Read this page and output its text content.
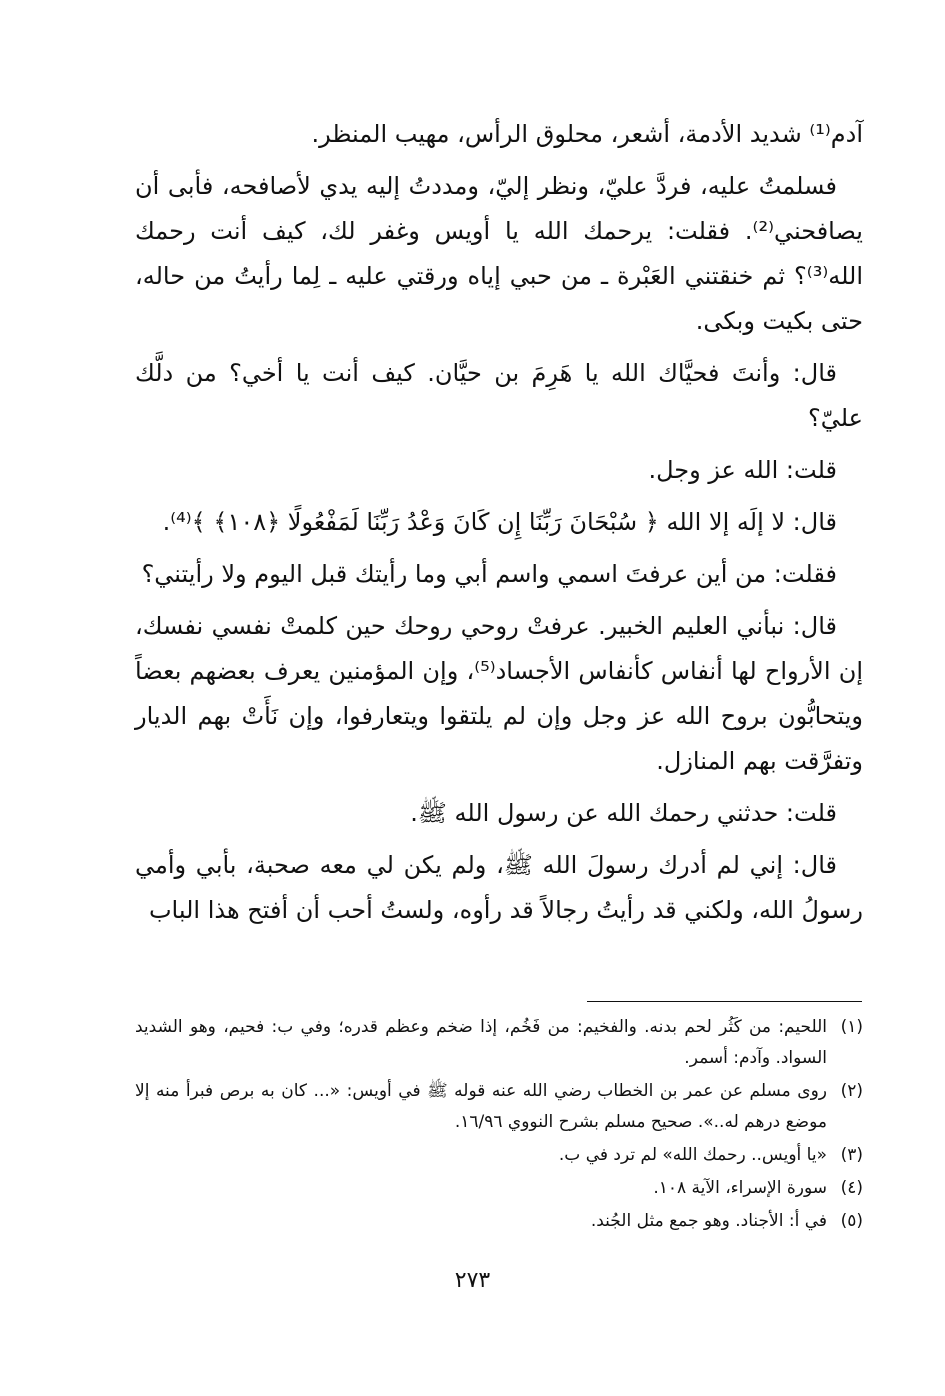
آدم⁽¹⁾ شديد الأدمة، أشعر، محلوق الرأس، مهيب المنظر.

فسلمتُ عليه، فردَّ عليّ، ونظر إليّ، ومددتُ إليه يدي لأصافحه، فأبى أن يصافحني⁽²⁾. فقلت: يرحمك الله يا أويس وغفر لك، كيف أنت رحمك الله⁽³⁾؟ ثم خنقتني العَبْرة ـ من حبي إياه ورقتي عليه ـ لِما رأيتُ من حاله، حتى بكيت وبكى.

قال: وأنتَ فحيَّاك الله يا هَرِمَ بن حيَّان. كيف أنت يا أخي؟ من دلَّك عليّ؟

قلت: الله عز وجل.

قال: لا إلَه إلا الله ﴿ سُبْحَانَ رَبِّنَا إِن كَانَ وَعْدُ رَبِّنَا لَمَفْعُولًا ﴿١٠٨﴾ ﴾⁽⁴⁾.

فقلت: من أين عرفتَ اسمي واسم أبي وما رأيتك قبل اليوم ولا رأيتني؟

قال: نبأني العليم الخبير. عرفتْ روحي روحك حين كلمتْ نفسي نفسك، إن الأرواح لها أنفاس كأنفاس الأجساد⁽⁵⁾، وإن المؤمنين يعرف بعضهم بعضاً ويتحابُّون بروح الله عز وجل وإن لم يلتقوا ويتعارفوا، وإن نَأَتْ بهم الديار وتفرَّقت بهم المنازل.

قلت: حدثني رحمك الله عن رسول الله ﷺ.

قال: إني لم أدرك رسولَ الله ﷺ، ولم يكن لي معه صحبة، بأبي وأمي رسولُ الله، ولكني قد رأيتُ رجالاً قد رأوه، ولستُ أحب أن أفتح هذا الباب

(١)
اللحيم: من كَثُر لحم بدنه. والفخيم: من فَخُم، إذا ضخم وعظم قدره؛ وفي ب: فحيم، وهو الشديد السواد. وآدم: أسمر.
(٢)
روى مسلم عن عمر بن الخطاب رضي الله عنه قوله ﷺ في أويس: «... كان به برص فبرأ منه إلا موضع درهم له..». صحيح مسلم بشرح النووي ١٦/٩٦.
(٣)
«يا أويس.. رحمك الله» لم ترد في ب.
(٤)
سورة الإسراء، الآية ١٠٨.
(٥)
في أ: الأجناد. وهو جمع مثل الجُند.
٢٧٣
